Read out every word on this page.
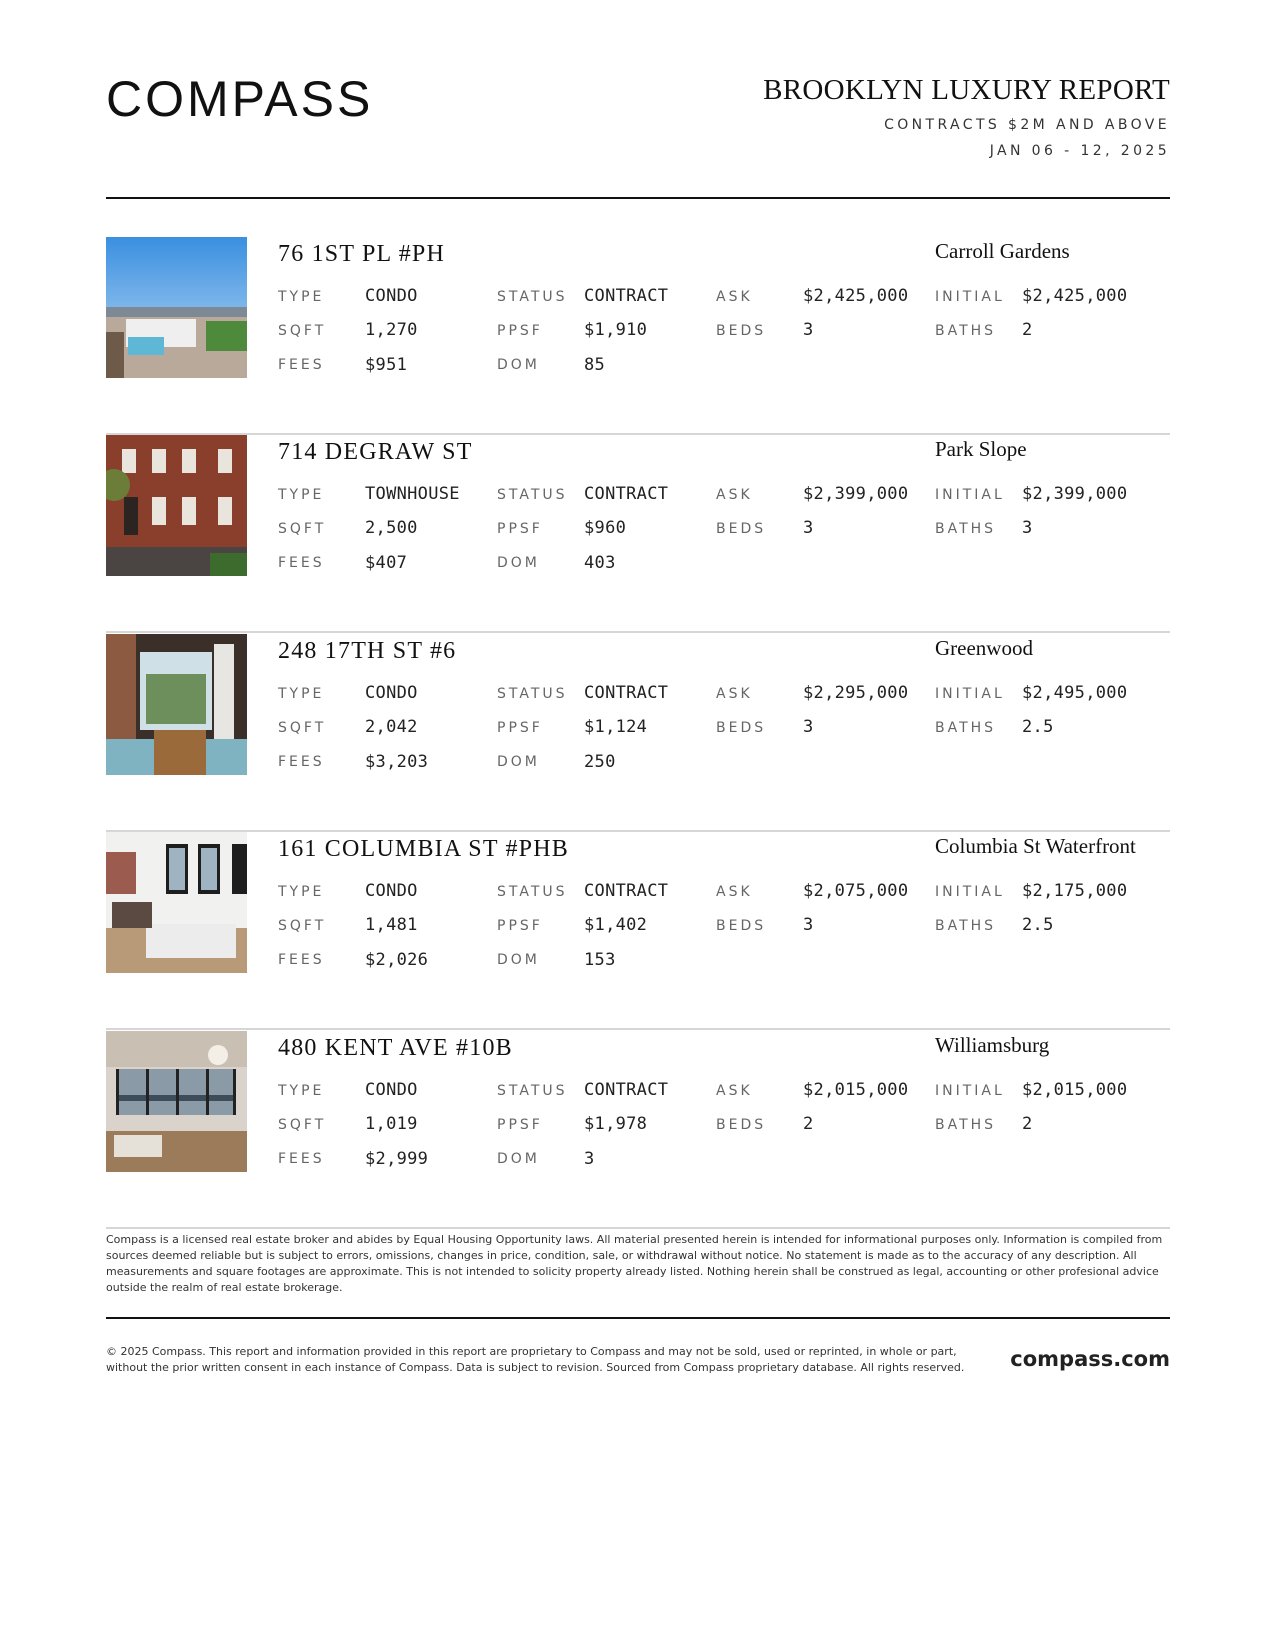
COMPASS	BROOKLYN LUXURY REPORT
CONTRACTS $2M AND ABOVE
JAN 06 - 12, 2025
76 1ST PL #PH	Carroll Gardens
TYPE CONDO	STATUS CONTRACT	ASK	$2,425,000 INITIAL $2,425,000
SQFT 1,270	PPSF $1,910	BEDS 3	BATHS 2
FEES $951	DOM	85
714 DEGRAW ST	Park Slope
TYPE TOWNHOUSE	STATUS CONTRACT	ASK	$2,399,000 INITIAL $2,399,000
SQFT 2,500	PPSF $960	BEDS 3	BATHS 3
FEES $407	DOM	403
248 17TH ST #6	Greenwood
TYPE CONDO	STATUS CONTRACT	ASK	$2,295,000 INITIAL $2,495,000
SQFT 2,042	PPSF $1,124	BEDS 3	BATHS 2.5
FEES $3,203	DOM	250
161 COLUMBIA ST #PHB	Columbia St Waterfront
TYPE CONDO	STATUS CONTRACT	ASK	$2,075,000 INITIAL $2,175,000
SQFT 1,481	PPSF $1,402	BEDS 3	BATHS 2.5
FEES $2,026	DOM	153
480 KENT AVE #10B	Williamsburg
TYPE CONDO	STATUS CONTRACT	ASK	$2,015,000 INITIAL $2,015,000
SQFT 1,019	PPSF $1,978	BEDS 2	BATHS 2
FEES $2,999	DOM	3
Compass is a licensed real estate broker and abides by Equal Housing Opportunity laws. All material presented herein is intended for informational purposes only. Information is compiled from sources deemed reliable but is subject to errors, omissions, changes in price, condition, sale, or withdrawal without notice. No statement is made as to the accuracy of any description. All measurements and square footages are approximate. This is not intended to solicity property already listed. Nothing herein shall be construed as legal, accounting or other profesional advice outside the realm of real estate brokerage.
© 2025 Compass. This report and information provided in this report are proprietary to Compass and may not be sold, used or reprinted, in whole or part, without the prior written consent in each instance of Compass. Data is subject to revision. Sourced from Compass proprietary database. All rights reserved.	compass.com
